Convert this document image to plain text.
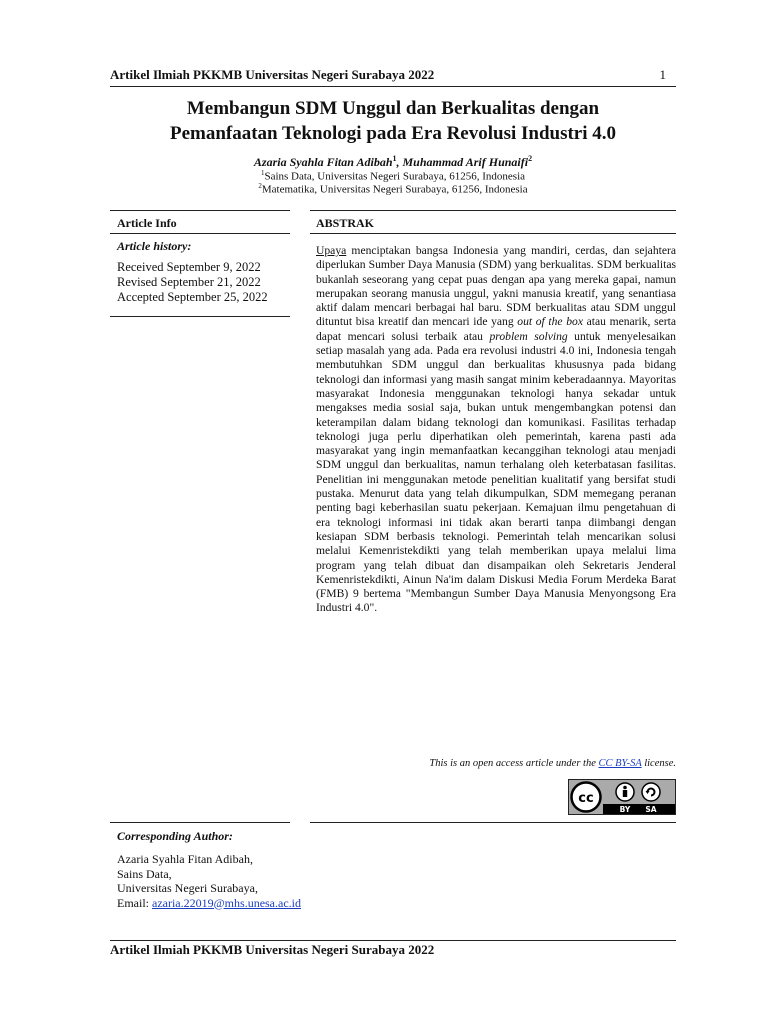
Artikel Ilmiah PKKMB Universitas Negeri Surabaya 2022	1
Membangun SDM Unggul dan Berkualitas dengan
Pemanfaatan Teknologi pada Era Revolusi Industri 4.0
Azaria Syahla Fitan Adibah$^1$, Muhammad Arif Hunaifi$^2$
$^1$Sains Data, Universitas Negeri Surabaya, 61256, Indonesia
$^2$Matematika, Universitas Negeri Surabaya, 61256, Indonesia
Article Info	ABSTRAK
Article history:
Received September 9, 2022
Revised September 21, 2022
Accepted September 25, 2022

Upaya menciptakan bangsa Indonesia yang mandiri, cerdas, dan sejahtera diperlukan Sumber Daya Manusia (SDM) yang berkualitas. SDM berkualitas bukanlah seseorang yang cepat puas dengan apa yang mereka gapai, namun merupakan seorang manusia unggul, yakni manusia kreatif, yang senantiasa aktif dalam mencari berbagai hal baru. SDM berkualitas atau SDM unggul dituntut bisa kreatif dan mencari ide yang out of the box atau menarik, serta dapat mencari solusi terbaik atau problem solving untuk menyelesaikan setiap masalah yang ada. Pada era revolusi industri 4.0 ini, Indonesia tengah membutuhkan SDM unggul dan berkualitas khususnya pada bidang teknologi dan informasi yang masih sangat minim keberadaannya. Mayoritas masyarakat Indonesia menggunakan teknologi hanya sekadar untuk mengakses media sosial saja, bukan untuk mengembangkan potensi dan keterampilan dalam bidang teknologi dan komunikasi. Fasilitas terhadap teknologi juga perlu diperhatikan oleh pemerintah, karena pasti ada masyarakat yang ingin memanfaatkan kecanggihan teknologi atau menjadi SDM unggul dan berkualitas, namun terhalang oleh keterbatasan fasilitas. Penelitian ini menggunakan metode penelitian kualitatif yang bersifat studi pustaka. Menurut data yang telah dikumpulkan, SDM memegang peranan penting bagi keberhasilan suatu pekerjaan. Kemajuan ilmu pengetahuan di era teknologi informasi ini tidak akan berarti tanpa diimbangi dengan kesiapan SDM berbasis teknologi. Pemerintah telah mencarikan solusi melalui Kemenristekdikti yang telah memberikan upaya melalui lima program yang telah dibuat dan disampaikan oleh Sekretaris Jenderal Kemenristekdikti, Ainun Na'im dalam Diskusi Media Forum Merdeka Barat (FMB) 9 bertema "Membangun Sumber Daya Manusia Menyongsong Era Industri 4.0".

This is an open access article under the CC BY-SA license.
cc
BY SA
Corresponding Author:
Azaria Syahla Fitan Adibah,
Sains Data,
Universitas Negeri Surabaya,
Email: azaria.22019@mhs.unesa.ac.id
Artikel Ilmiah PKKMB Universitas Negeri Surabaya 2022
